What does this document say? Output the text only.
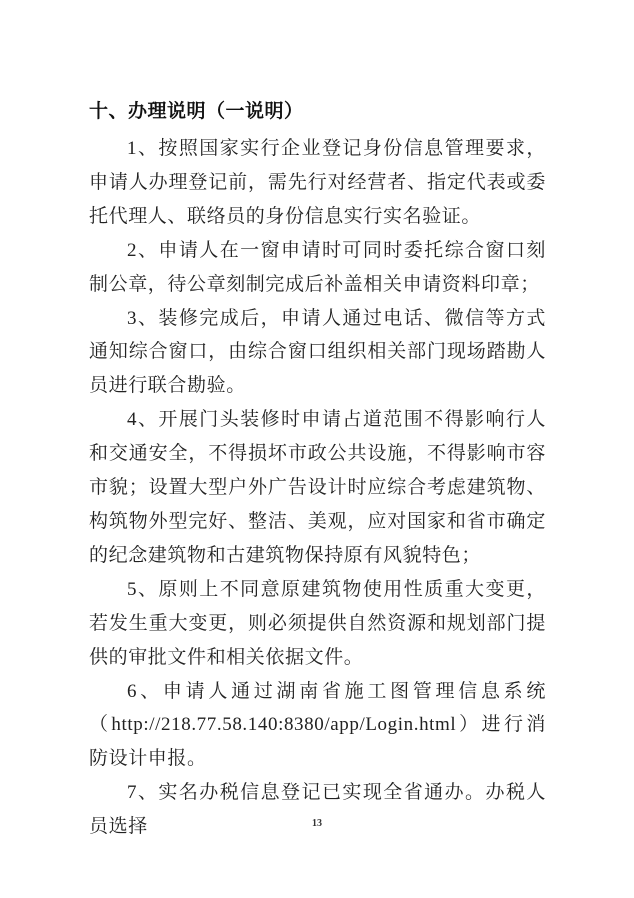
十、办理说明（一说明）

1、按照国家实行企业登记身份信息管理要求，申请人办理登记前，需先行对经营者、指定代表或委托代理人、联络员的身份信息实行实名验证。

2、申请人在一窗申请时可同时委托综合窗口刻制公章，待公章刻制完成后补盖相关申请资料印章；

3、装修完成后，申请人通过电话、微信等方式通知综合窗口，由综合窗口组织相关部门现场踏勘人员进行联合勘验。

4、开展门头装修时申请占道范围不得影响行人和交通安全，不得损坏市政公共设施，不得影响市容市貌；设置大型户外广告设计时应综合考虑建筑物、构筑物外型完好、整洁、美观，应对国家和省市确定的纪念建筑物和古建筑物保持原有风貌特色；

5、原则上不同意原建筑物使用性质重大变更，若发生重大变更，则必须提供自然资源和规划部门提供的审批文件和相关依据文件。

6、申请人通过湖南省施工图管理信息系统（http://218.77.58.140:8380/app/Login.html）进行消防设计申报。

7、实名办税信息登记已实现全省通办。办税人员选择	13
